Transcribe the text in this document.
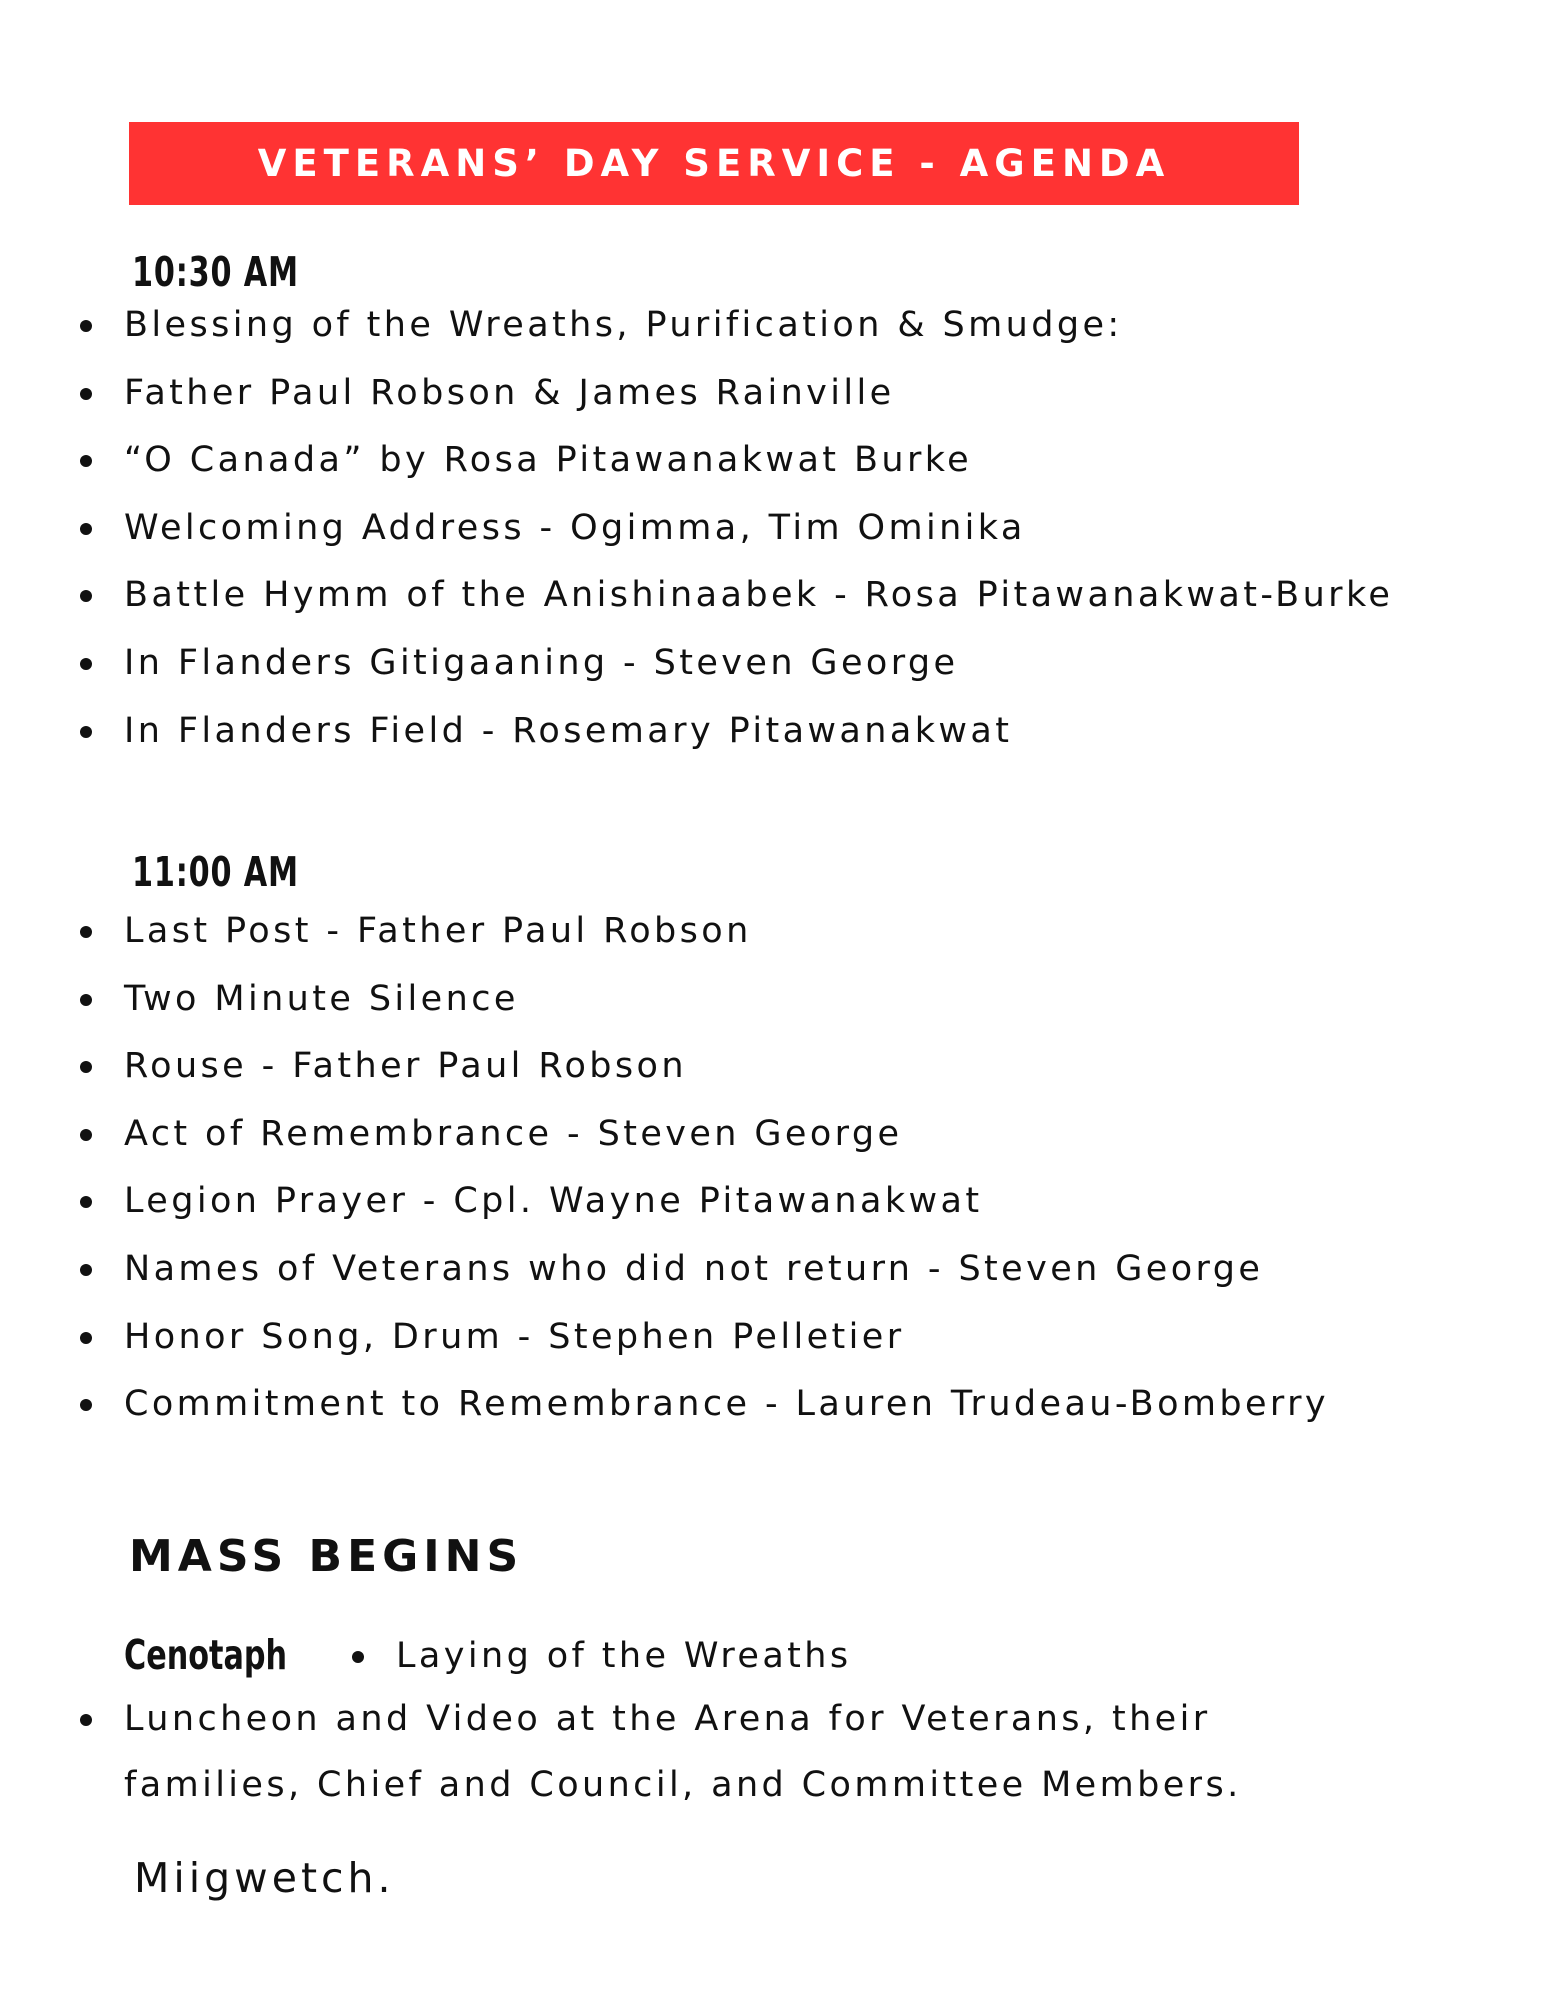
VETERANS’ DAY SERVICE - AGENDA
10:30 AM
Blessing of the Wreaths, Purification & Smudge:
Father Paul Robson & James Rainville
“O Canada” by Rosa Pitawanakwat Burke
Welcoming Address - Ogimma, Tim Ominika
Battle Hymm of the Anishinaabek - Rosa Pitawanakwat-Burke
In Flanders Gitigaaning - Steven George
In Flanders Field - Rosemary Pitawanakwat
11:00 AM
Last Post - Father Paul Robson
Two Minute Silence
Rouse - Father Paul Robson
Act of Remembrance - Steven George
Legion Prayer - Cpl. Wayne Pitawanakwat
Names of Veterans who did not return - Steven George
Honor Song, Drum - Stephen Pelletier
Commitment to Remembrance - Lauren Trudeau-Bomberry
MASS BEGINS
Cenotaph	Laying of the Wreaths
Luncheon and Video at the Arena for Veterans, their families, Chief and Council, and Committee Members.
Miigwetch.
